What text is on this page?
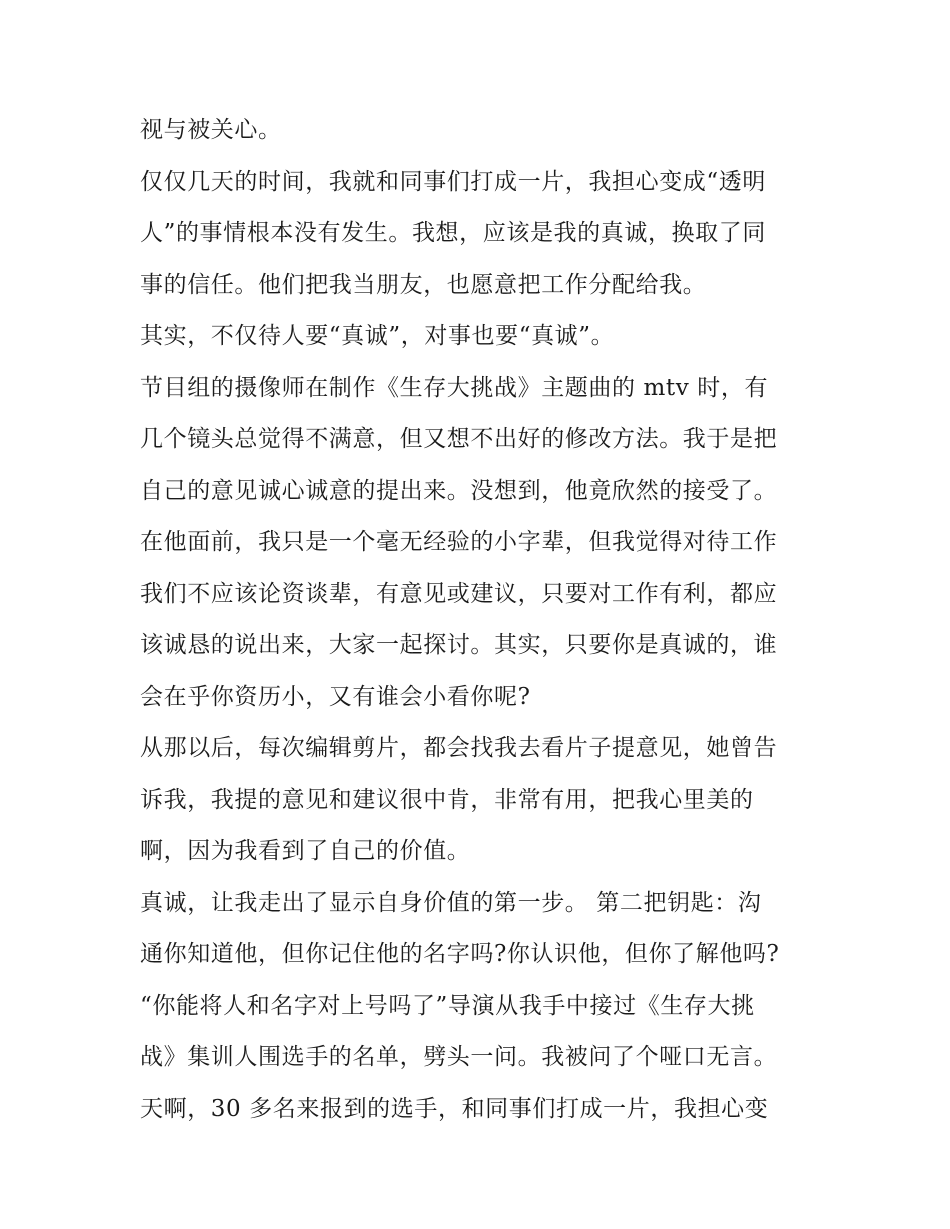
视与被关心。
仅仅几天的时间，我就和同事们打成一片，我担心变成“透明
人”的事情根本没有发生。我想，应该是我的真诚，换取了同
事的信任。他们把我当朋友，也愿意把工作分配给我。
其实，不仅待人要“真诚”，对事也要“真诚”。
节目组的摄像师在制作《生存大挑战》主题曲的 mtv 时，有
几个镜头总觉得不满意，但又想不出好的修改方法。我于是把
自己的意见诚心诚意的提出来。没想到，他竟欣然的接受了。
在他面前，我只是一个毫无经验的小字辈，但我觉得对待工作
我们不应该论资谈辈，有意见或建议，只要对工作有利，都应
该诚恳的说出来，大家一起探讨。其实，只要你是真诚的，谁
会在乎你资历小，又有谁会小看你呢?
从那以后，每次编辑剪片，都会找我去看片子提意见，她曾告
诉我，我提的意见和建议很中肯，非常有用，把我心里美的
啊，因为我看到了自己的价值。
真诚，让我走出了显示自身价值的第一步。 第二把钥匙：沟
通你知道他，但你记住他的名字吗?你认识他，但你了解他吗?
“你能将人和名字对上号吗了”导演从我手中接过《生存大挑
战》集训人围选手的名单，劈头一问。我被问了个哑口无言。
天啊，30 多名来报到的选手，和同事们打成一片，我担心变
